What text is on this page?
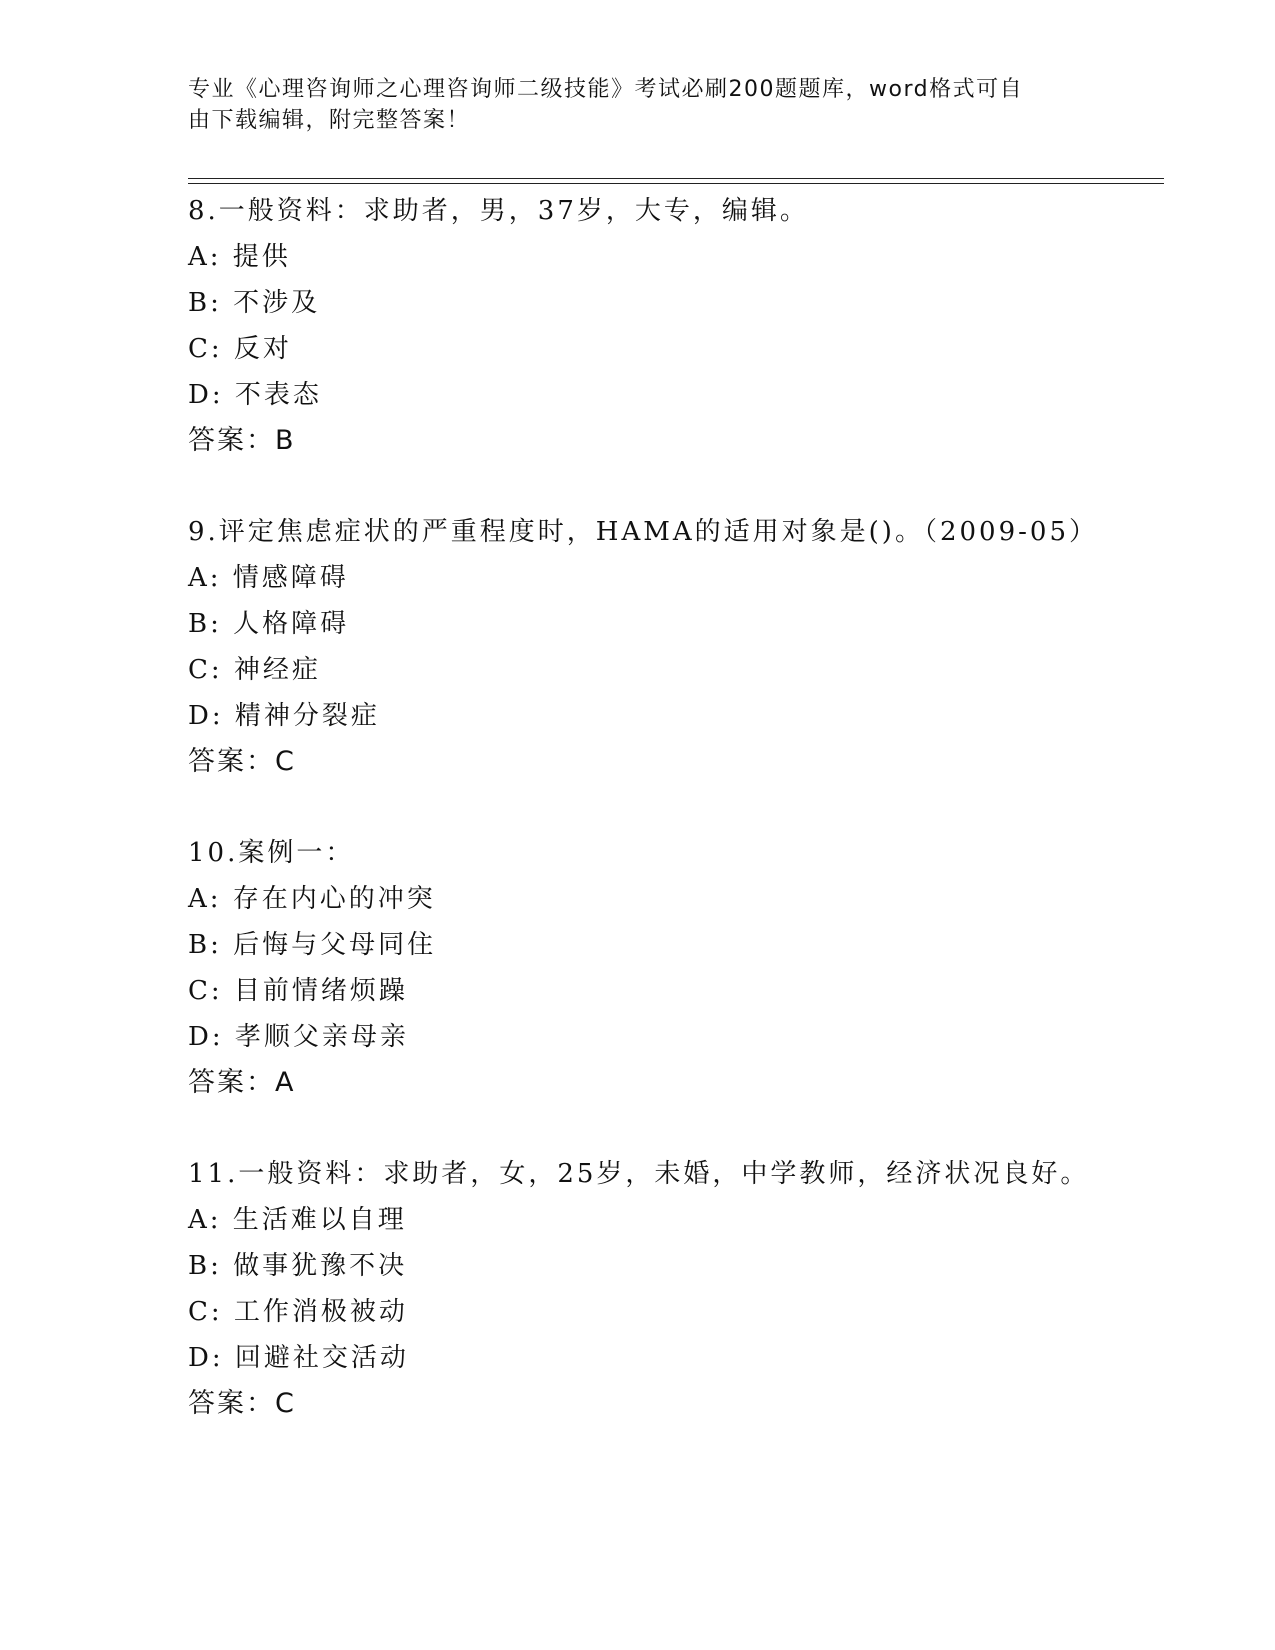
专业《心理咨询师之心理咨询师二级技能》考试必刷200题题库，word格式可自
由下载编辑，附完整答案！
8.一般资料：求助者，男，37岁，大专，编辑。
A: 提供
B: 不涉及
C: 反对
D: 不表态
答案：B
9.评定焦虑症状的严重程度时，HAMA的适用对象是()。（2009-05）
A: 情感障碍
B: 人格障碍
C: 神经症
D: 精神分裂症
答案：C
10.案例一：
A: 存在内心的冲突
B: 后悔与父母同住
C: 目前情绪烦躁
D: 孝顺父亲母亲
答案：A
11.一般资料：求助者，女，25岁，未婚，中学教师，经济状况良好。
A: 生活难以自理
B: 做事犹豫不决
C: 工作消极被动
D: 回避社交活动
答案：C
